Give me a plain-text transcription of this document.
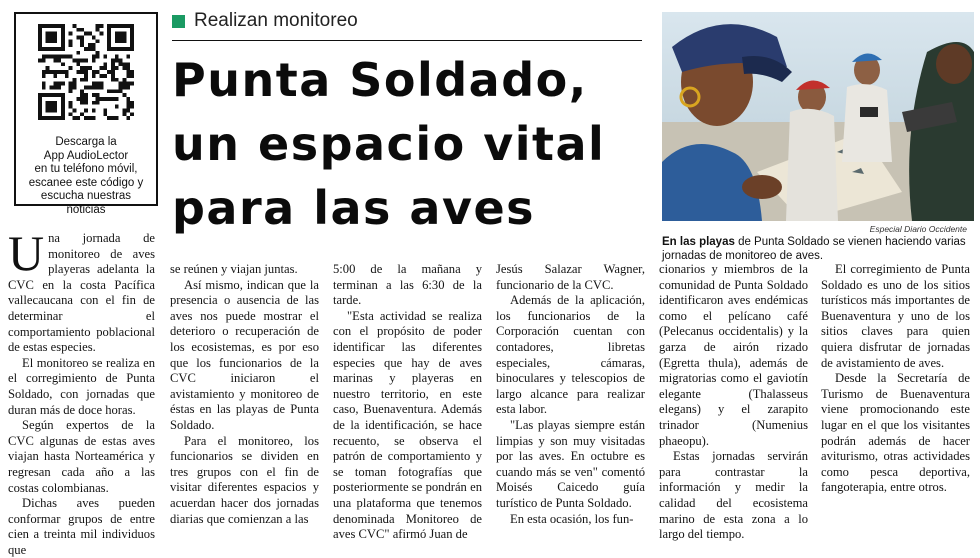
Descarga la
App AudioLector
en tu teléfono móvil,
escanee este código y
escucha nuestras noticias
Realizan monitoreo
Punta Soldado,
un espacio vital
para las aves	Especial Diario Occidente
En las playas de Punta Soldado se vienen haciendo varias jornadas de monitoreo de aves.

Una jornada de monitoreo de aves playeras adelanta la CVC en la costa Pacífica vallecaucana con el fin de determinar el comportamiento poblacional de estas especies.

El monitoreo se realiza en el corregimiento de Punta Soldado, con jornadas que duran más de doce horas.

Según expertos de la CVC algunas de estas aves viajan hasta Norteamérica y regresan cada año a las costas colombianas.

Dichas aves pueden conformar grupos de entre cien a treinta mil individuos que

se reúnen y viajan juntas.

Así mismo, indican que la presencia o ausencia de las aves nos puede mostrar el deterioro o recuperación de los ecosistemas, es por eso que los funcionarios de la CVC iniciaron el avistamiento y monitoreo de éstas en las playas de Punta Soldado.

Para el monitoreo, los funcionarios se dividen en tres grupos con el fin de visitar diferentes espacios y acuerdan hacer dos jornadas diarias que comienzan a las

5:00 de la mañana y terminan a las 6:30 de la tarde.

"Esta actividad se realiza con el propósito de poder identificar las diferentes especies que hay de aves marinas y playeras en nuestro territorio, en este caso, Buenaventura. Además de la identificación, se hace recuento, se observa el patrón de comportamiento y se toman fotografías que posteriormente se pondrán en una plataforma que tenemos denominada Monitoreo de aves CVC" afirmó Juan de

Jesús Salazar Wagner, funcionario de la CVC.

Además de la aplicación, los funcionarios de la Corporación cuentan con contadores, libretas especiales, cámaras, binoculares y telescopios de largo alcance para realizar esta labor.

"Las playas siempre están limpias y son muy visitadas por las aves. En octubre es cuando más se ven" comentó Moisés Caicedo guía turístico de Punta Soldado.

En esta ocasión, los fun-

cionarios y miembros de la comunidad de Punta Soldado identificaron aves endémicas como el pelícano café (Pelecanus occidentalis) y la garza de airón rizado (Egretta thula), además de migratorias como el gaviotín elegante (Thalasseus elegans) y el zarapito trinador (Numenius phaeopu).

Estas jornadas servirán para contrastar la información y medir la calidad del ecosistema marino de esta zona a lo largo del tiempo.

El corregimiento de Punta Soldado es uno de los sitios turísticos más importantes de Buenaventura y uno de los sitios claves para quien quiera disfrutar de jornadas de avistamiento de aves.

Desde la Secretaría de Turismo de Buenaventura viene promocionando este lugar en el que los visitantes podrán además de hacer aviturismo, otras actividades como pesca deportiva, fangoterapia, entre otros.
